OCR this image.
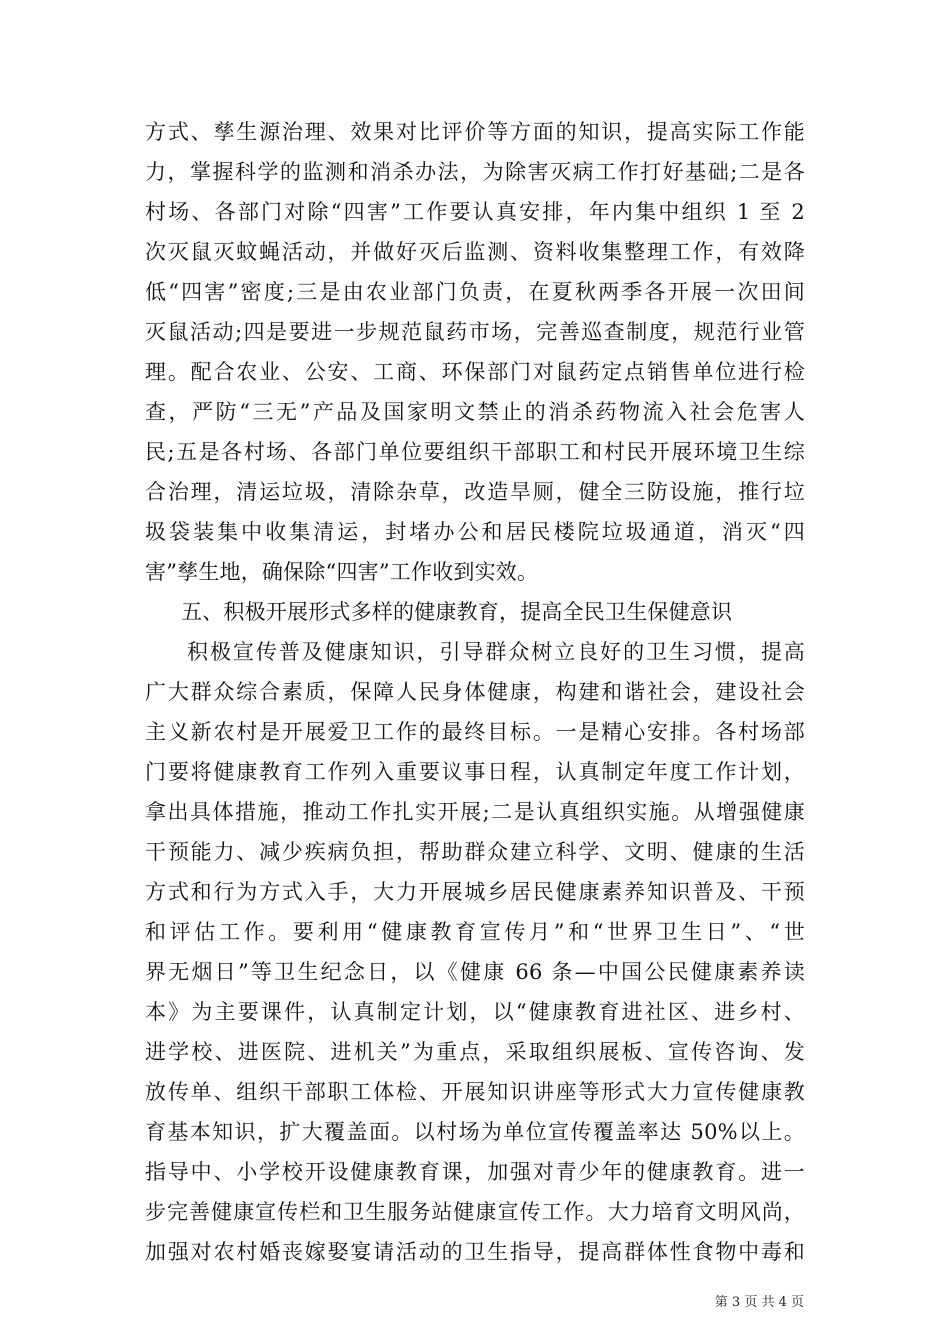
方式、孳生源治理、效果对比评价等方面的知识，提高实际工作能
力，掌握科学的监测和消杀办法，为除害灭病工作打好基础;二是各
村场、各部门对除“四害”工作要认真安排，年内集中组织 1 至 2
次灭鼠灭蚊蝇活动，并做好灭后监测、资料收集整理工作，有效降
低“四害”密度;三是由农业部门负责，在夏秋两季各开展一次田间
灭鼠活动;四是要进一步规范鼠药市场，完善巡查制度，规范行业管
理。配合农业、公安、工商、环保部门对鼠药定点销售单位进行检
查，严防“三无”产品及国家明文禁止的消杀药物流入社会危害人
民;五是各村场、各部门单位要组织干部职工和村民开展环境卫生综
合治理，清运垃圾，清除杂草，改造旱厕，健全三防设施，推行垃
圾袋装集中收集清运，封堵办公和居民楼院垃圾通道，消灭“四
害”孳生地，确保除“四害”工作收到实效。
五、积极开展形式多样的健康教育，提高全民卫生保健意识
积极宣传普及健康知识，引导群众树立良好的卫生习惯，提高
广大群众综合素质，保障人民身体健康，构建和谐社会，建设社会
主义新农村是开展爱卫工作的最终目标。一是精心安排。各村场部
门要将健康教育工作列入重要议事日程，认真制定年度工作计划，
拿出具体措施，推动工作扎实开展;二是认真组织实施。从增强健康
干预能力、减少疾病负担，帮助群众建立科学、文明、健康的生活
方式和行为方式入手，大力开展城乡居民健康素养知识普及、干预
和评估工作。要利用“健康教育宣传月”和“世界卫生日”、“世
界无烟日”等卫生纪念日，以《健康 66 条—中国公民健康素养读
本》为主要课件，认真制定计划，以“健康教育进社区、进乡村、
进学校、进医院、进机关”为重点，采取组织展板、宣传咨询、发
放传单、组织干部职工体检、开展知识讲座等形式大力宣传健康教
育基本知识，扩大覆盖面。以村场为单位宣传覆盖率达 50%以上。
指导中、小学校开设健康教育课，加强对青少年的健康教育。进一
步完善健康宣传栏和卫生服务站健康宣传工作。大力培育文明风尚，
加强对农村婚丧嫁娶宴请活动的卫生指导，提高群体性食物中毒和
第 3 页 共 4 页
